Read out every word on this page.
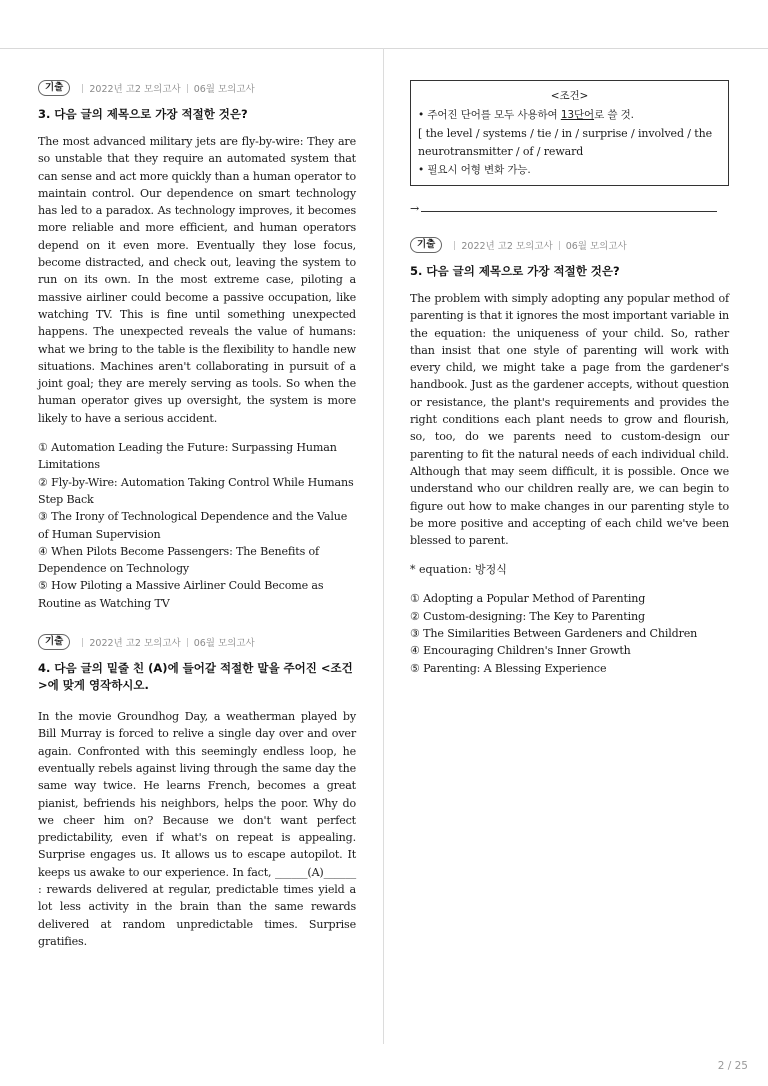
기출	2022년 고2 모의고사 06월 모의고사
3. 다음 글의 제목으로 가장 적절한 것은?

The most advanced military jets are fly-by-wire: They are so unstable that they require an automated system that can sense and act more quickly than a human operator to maintain control. Our dependence on smart technology has led to a paradox. As technology improves, it becomes more reliable and more efficient, and human operators depend on it even more. Eventually they lose focus, become distracted, and check out, leaving the system to run on its own. In the most extreme case, piloting a massive airliner could become a passive occupation, like watching TV. This is fine until something unexpected happens. The unexpected reveals the value of humans: what we bring to the table is the flexibility to handle new situations. Machines aren't collaborating in pursuit of a joint goal; they are merely serving as tools. So when the human operator gives up oversight, the system is more likely to have a serious accident.

① Automation Leading the Future: Surpassing Human Limitations
② Fly-by-Wire: Automation Taking Control While Humans Step Back
③ The Irony of Technological Dependence and the Value of Human Supervision
④ When Pilots Become Passengers: The Benefits of Dependence on Technology
⑤ How Piloting a Massive Airliner Could Become as Routine as Watching TV
기출	2022년 고2 모의고사 06월 모의고사
4. 다음 글의 밑줄 친 (A)에 들어갈 적절한 말을 주어진 <조건>에 맞게 영작하시오.

In the movie Groundhog Day, a weatherman played by Bill Murray is forced to relive a single day over and over again. Confronted with this seemingly endless loop, he eventually rebels against living through the same day the same way twice. He learns French, becomes a great pianist, befriends his neighbors, helps the poor. Why do we cheer him on? Because we don't want perfect predictability, even if what's on repeat is appealing. Surprise engages us. It allows us to escape autopilot. It keeps us awake to our experience. In fact, ______(A)______ : rewards delivered at regular, predictable times yield a lot less activity in the brain than the same rewards delivered at random unpredictable times. Surprise gratifies.

<조건>
• 주어진 단어를 모두 사용하여 13단어로 쓸 것.
[ the level / systems / tie / in / surprise / involved / the neurotransmitter / of / reward
• 필요시 어형 변화 가능.
→
기출	2022년 고2 모의고사 06월 모의고사
5. 다음 글의 제목으로 가장 적절한 것은?

The problem with simply adopting any popular method of parenting is that it ignores the most important variable in the equation: the uniqueness of your child. So, rather than insist that one style of parenting will work with every child, we might take a page from the gardener's handbook. Just as the gardener accepts, without question or resistance, the plant's requirements and provides the right conditions each plant needs to grow and flourish, so, too, do we parents need to custom-design our parenting to fit the natural needs of each individual child. Although that may seem difficult, it is possible. Once we understand who our children really are, we can begin to figure out how to make changes in our parenting style to be more positive and accepting of each child we've been blessed to parent.

* equation: 방정식
① Adopting a Popular Method of Parenting
② Custom-designing: The Key to Parenting
③ The Similarities Between Gardeners and Children
④ Encouraging Children's Inner Growth
⑤ Parenting: A Blessing Experience
2 / 25
